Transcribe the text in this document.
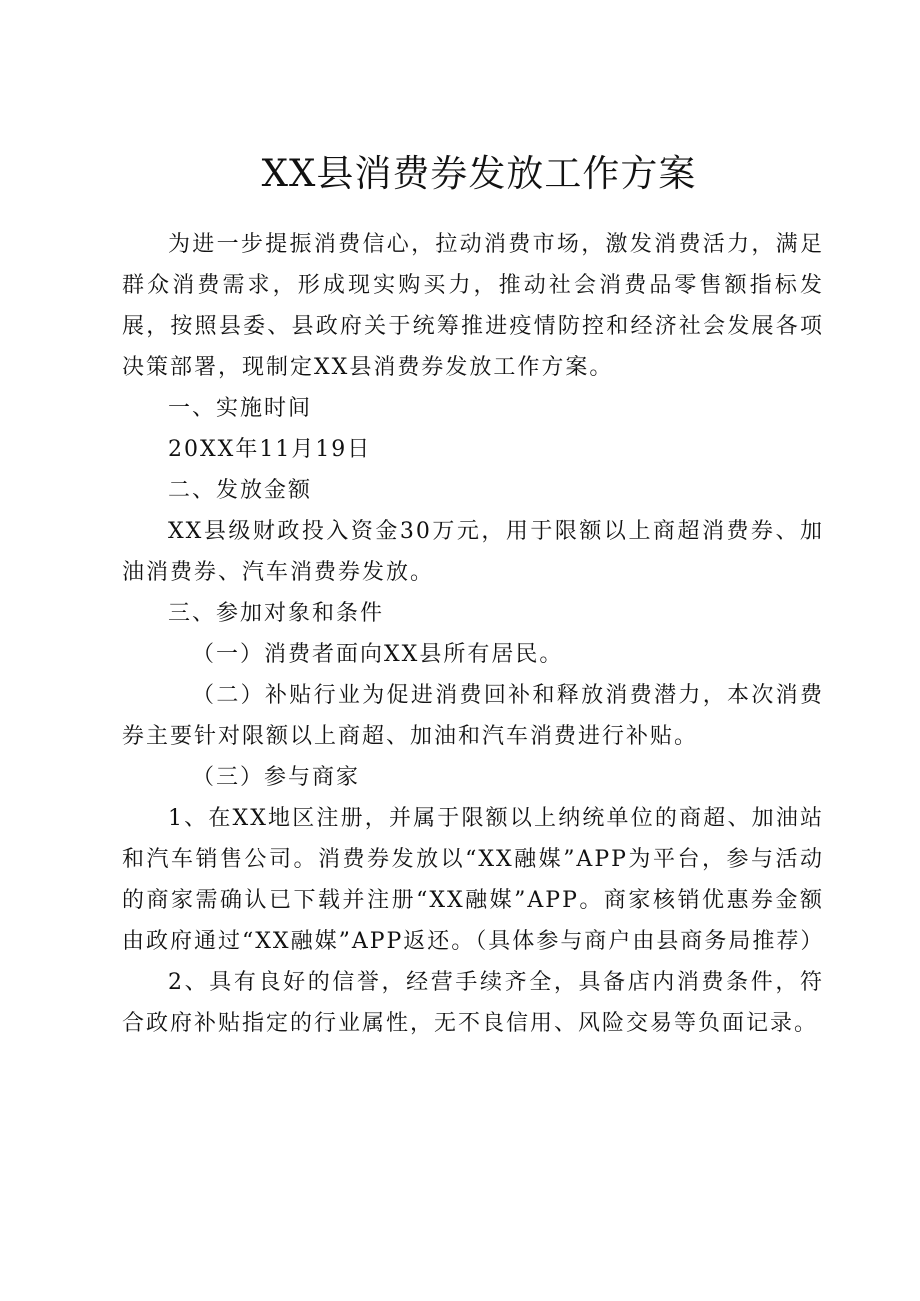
XX县消费券发放工作方案

为进一步提振消费信心，拉动消费市场，激发消费活力，满足群众消费需求，形成现实购买力，推动社会消费品零售额指标发展，按照县委、县政府关于统筹推进疫情防控和经济社会发展各项决策部署，现制定XX县消费券发放工作方案。

一、实施时间

20XX年11月19日

二、发放金额

XX县级财政投入资金30万元，用于限额以上商超消费券、加油消费券、汽车消费券发放。

三、参加对象和条件

（一）消费者面向XX县所有居民。

（二）补贴行业为促进消费回补和释放消费潜力，本次消费券主要针对限额以上商超、加油和汽车消费进行补贴。

（三）参与商家

1、在XX地区注册，并属于限额以上纳统单位的商超、加油站和汽车销售公司。消费券发放以“XX融媒”APP为平台，参与活动的商家需确认已下载并注册“XX融媒”APP。商家核销优惠券金额由政府通过“XX融媒”APP返还。（具体参与商户由县商务局推荐）

2、具有良好的信誉，经营手续齐全，具备店内消费条件，符合政府补贴指定的行业属性，无不良信用、风险交易等负面记录。
